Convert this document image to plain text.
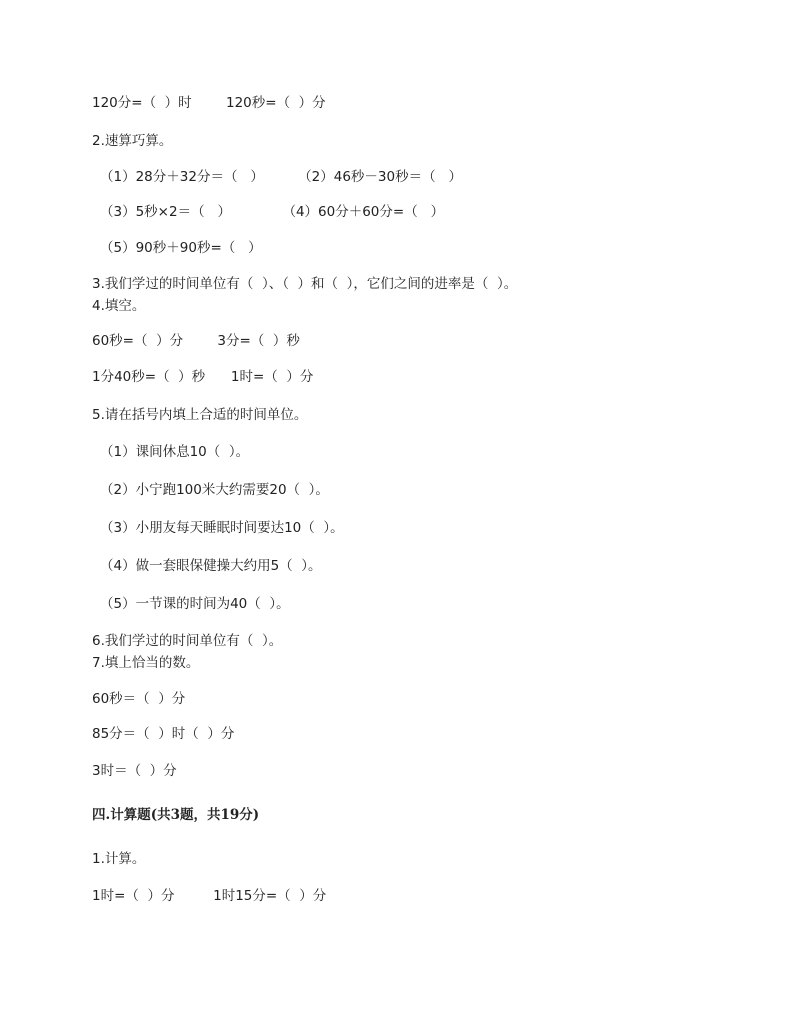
120分=（  ）时        120秒=（  ）分
2.速算巧算。
（1）28分＋32分＝（   ）        （2）46秒－30秒＝（   ）
（3）5秒×2＝（   ）            （4）60分＋60分=（   ）
（5）90秒＋90秒=（   ）
3.我们学过的时间单位有（  ）、（  ）和（  ），它们之间的进率是（  ）。
4.填空。
60秒=（  ）分        3分=（  ）秒
1分40秒=（  ）秒      1时=（  ）分
5.请在括号内填上合适的时间单位。
（1）课间休息10（  ）。
（2）小宁跑100米大约需要20（  ）。
（3）小朋友每天睡眠时间要达10（  ）。
（4）做一套眼保健操大约用5（  ）。
（5）一节课的时间为40（  ）。
6.我们学过的时间单位有（  ）。
7.填上恰当的数。
60秒＝（  ）分
85分＝（  ）时（  ）分
3时＝（  ）分
四.计算题(共3题，共19分)
1.计算。
1时=（  ）分         1时15分=（  ）分
